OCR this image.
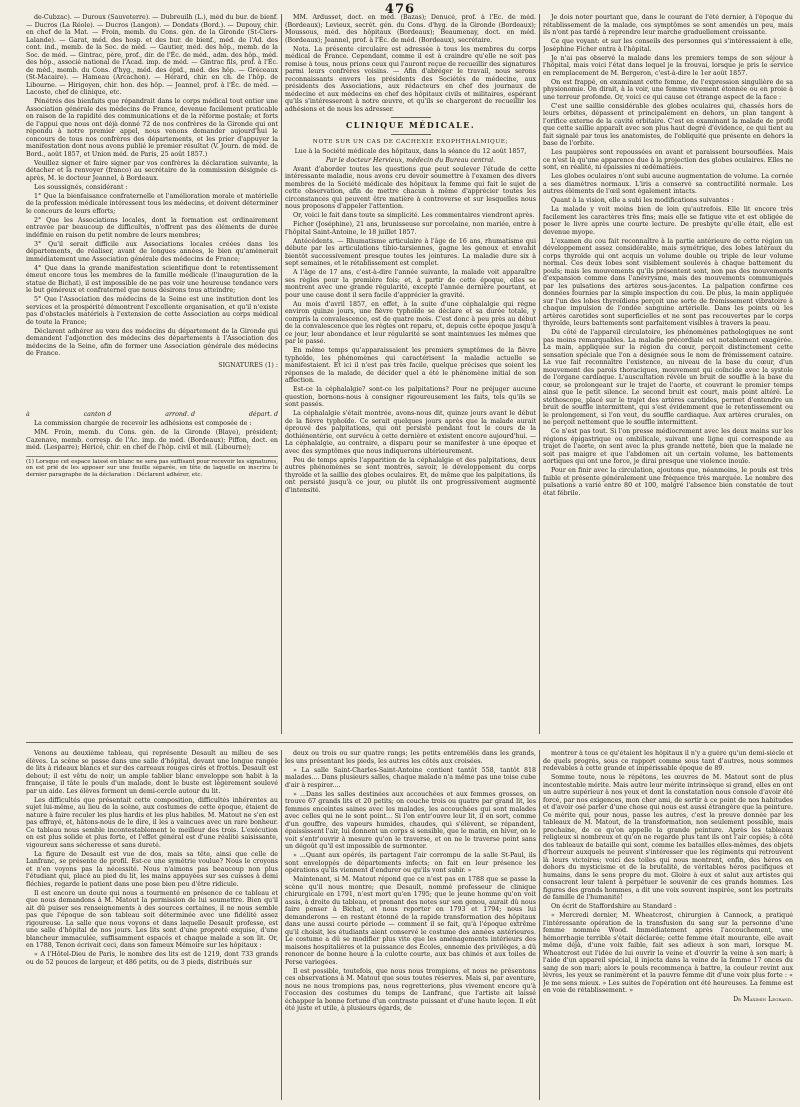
476

de-Cubzac). — Duroux (Sauveterre). — Dubreuilh (L.), méd du bur. de bienf. — Ducros (La Réole). — Ducros (Langon). — Dondats (Bord.). — Dupouy, chir. en chef de la Mat. — Froin, memb. du Cons. gén. de la Gironde (St-Ciers-Lalande). — Garat, méd. des hosp. et des bur. de bienf., méd. de l'Ad. des cont. ind., memb. de la Soc. de méd. — Gautier, méd. des hôp., memb. de la Soc. de méd. — Gintrac, père, prof., dir. de l'Éc. de méd., adm. des hôp., méd. des hôp., associé national de l'Acad. imp. de méd. — Gintrac fils, prof. à l'Éc. de méd., memb. du Cons. d'hyg., méd. des épid., méd. des hôp. — Gréceaux (St-Macaire). — Hameau (Arcachon). — Hérard, chir. en ch. de l'hôp. de Libourne. — Hirigoyen, chir. hon. des hôp. — Jeannel, prof. à l'Éc. de méd. — Lacoste, chef de clinique, etc.

Pénétrés des bienfaits que répandrait dans le corps médical tout entier une Association générale des médecins de France, devenue facilement praticable en raison de la rapidité des communications et de la réforme postale; et forts de l'appui que nous ont déjà donné 72 de nos confrères de la Gironde qui ont répondu à notre premier appel, nous venons demander aujourd'hui le concours de tous nos confrères des départements, et les prier d'appuyer la manifestation dont nous avons publié le premier résultat (V. Journ. de méd. de Bord., août 1857, et Union méd. de Paris, 25 août 1857.)

Veuillez signer et faire signer par vos confrères la déclaration suivante, la détacher et la renvoyer (franco) au secrétaire de la commission désignée ci-après, M. le docteur Jeannel, à Bordeaux.

Les soussignés, considérant :

1° Que la bienfaisance confraternelle et l'amélioration morale et matérielle de la profession médicale intéressent tous les médecins, et doivent déterminer le concours de leurs efforts;

2° Que les Associations locales, dont la formation est ordinairement entravée par beaucoup de difficultés, n'offrent pas des éléments de durée indéfinie en raison du petit nombre de leurs membres;

3° Qu'il serait difficile aux Associations locales créées dans les départements, de réaliser, avant de longues années, le bien qu'amènerait immédiatement une Association générale des médecins de France;

4° Que dans la grande manifestation scientifique dont le retentissement émeut encore tous les membres de la famille médicale (l'inauguration de la statue de Bichat), il est impossible de ne pas voir une heureuse tendance vers le but généreux et confraternel que nous désirons tous atteindre;

5° Que l'Association des médecins de la Seine est une institution dont les services et la prospérité démontrent l'excellente organisation, et qu'il n'existe pas d'obstacles matériels à l'extension de cette Association au corps médical de toute la France;

Déclarent adhérer au vœu des médecins du département de la Gironde qui demandent l'adjonction des médecins des départements à l'Association des médecins de la Seine, afin de former une Association générale des médecins de France.

SIGNATURES (1) :

à	canton d	arrond. d	départ. d

La commission chargée de recevoir les adhésions est composée de :

MM. Froin, memb. du Cons. gén. de la Gironde (Blaye), président; Cazenave, memb. corresp. de l'Ac. imp. de méd. (Bordeaux); Piffon, doct. en méd. (Lesparre); Héricé, chir. en chef de l'hôp. civil et mil. (Libourne);

(1) Lorsque cet espace laissé en blanc ne sera pas suffisant pour recevoir les signatures, on est prié de les apposer sur une feuille séparée, en tête de laquelle on inscrira le dernier paragraphe de la déclaration : Déclarent adhérer, etc.

MM. Ardusset, doct. en méd. (Bazas); Denucé, prof. à l'Éc. de méd. (Bordeaux); Levieux, secrét. gén. du Cons. d'hyg. de la Gironde (Bordeaux); Moussous, méd. des hôpitaux (Bordeaux); Beaumenay, doct. en méd. (Bordeaux); Jeannel, prof. à l'Éc. de méd. (Bordeaux), secrétaire.

Nota. La présente circulaire est adressée à tous les membres du corps médical de France. Cependant, comme il est à craindre qu'elle ne soit pas remise à tous, nous prions ceux qui l'auront reçue de recueillir des signatures parmi leurs confrères voisins. — Afin d'abréger le travail, nous serons reconnaissants envers les présidents des Sociétés de médecine, aux présidents des Associations, aux rédacteurs en chef des journaux de médecine et aux médecins en chef des hôpitaux civils et militaires, espérant qu'ils s'intéresseront à notre œuvre, et qu'ils se chargeront de recueillir les adhésions et de nous les adresser.

CLINIQUE MÉDICALE.

NOTE SUR UN CAS DE CACHEXIE EXOPHTHALMIQUE;

Lue à la Société médicale des hôpitaux, dans la séance du 12 août 1857,

Par le docteur Hervieux, médecin du Bureau central.

Avant d'aborder toutes les questions que peut soulever l'étude de cette intéressante maladie, nous avons cru devoir soumettre à l'examen des divers membres de la Société médicale des hôpitaux la femme qui fait le sujet de cette observation, afin de mettre chacun à même d'apprécier toutes les circonstances qui peuvent être matière à controverse et sur lesquelles nous nous proposons d'appeler l'attention.

Or, voici le fait dans toute sa simplicité. Les commentaires viendront après.

Ficher (Joséphine), 21 ans, brunisseuse sur porcelaine, non mariée, entre à l'hôpital Saint-Antoine, le 18 juillet 1857.

Antécédents. — Rhumatisme articulaire à l'âge de 16 ans, rhumatisme qui débute par les articulations tibio-tarsiennes, gagne les genoux et envahit bientôt successivement presque toutes les jointures. La maladie dure six à sept semaines, et le rétablissement est complet.

A l'âge de 17 ans, c'est-à-dire l'année suivante, la malade voit apparaître ses règles pour la première fois; et, à partir de cette époque, elles se montrent avec une grande régularité, excepté l'année dernière pourtant, et pour une cause dont il sera facile d'apprécier la gravité.

Au mois d'avril 1857, en effet, à la suite d'une céphalalgie qui règne environ quinze jours, une fièvre typhoïde se déclare et sa durée totale, y compris la convalescence, est de quatre mois. C'est donc à peu près au début de la convalescence que les règles ont reparu, et, depuis cette époque jusqu'à ce jour, leur abondance et leur régularité se sont maintenues les mêmes que par le passé.

En même temps qu'apparaissaient les premiers symptômes de la fièvre typhoïde, les phénomènes qui caractérisent la maladie actuelle se manifestaient. Et ici il n'est pas très facile, quelque précises que soient les réponses de la malade, de décider quel a été le phénomène initial de son affection.

Est-ce la céphalalgie? sont-ce les palpitations? Pour ne préjuger aucune question, bornons-nous à consigner rigoureusement les faits, tels qu'ils se sont passés.

La céphalalgie s'était montrée, avons-nous dit, quinze jours avant le début de la fièvre typhoïde. Ce serait quelques jours après que la malade aurait éprouvé des palpitations, qui ont persisté pendant tout le cours de la dothiénentérie, ont survécu à cette dernière et existent encore aujourd'hui. — La céphalalgie, au contraire, a disparu pour se manifester à une époque et avec des symptômes que nous indiquerons ultérieurement.

Peu de temps après l'apparition de la céphalalgie et des palpitations, deux autres phénomènes se sont montrés, savoir, le développement du corps thyroïde et la saillie des globes oculaires. Et, de même que les palpitations, ils ont persisté jusqu'à ce jour, ou plutôt ils ont progressivement augmenté d'intensité.

Je dois noter pourtant que, dans le courant de l'été dernier, à l'époque du rétablissement de la malade, ces symptômes se sont amendés un peu, mais ils n'ont pas tardé à reprendre leur marche graduellement croissante.

Ce que voyant: et sur les conseils des personnes qui s'intéressaient à elle, Joséphine Ficher entra à l'hôpital.

Je n'ai pas observé la malade dans les premiers temps de son séjour à l'hôpital, mais voici l'état dans lequel je la trouvai, lorsque je pris le service en remplacement de M. Bergeron, c'est-à-dire le 1er août 1857.

On est frappé, en examinant cette femme, de l'expression singulière de sa physionomie. On dirait, à la voir, une femme vivement étonnée ou en proie à une terreur profonde. Or, voici ce qui cause cet étrange aspect de la face :

C'est une saillie considérable des globes oculaires qui, chassés hors de leurs orbites, dépassent et principalement en dehors, un plan tangent à l'orifice externe de la cavité orbitaire. C'est en examinant la malade de profil que cette saillie apparaît avec son plus haut degré d'évidence, ce qui tient au fait signalé par tous les anatomistes, de l'obliquité que présente en dehors la base de l'orbite.

Les paupières sont repoussées en avant et paraissent boursouflées. Mais ce n'est là qu'une apparence due à la projection des globes oculaires. Elles ne sont, en réalité, ni épaissies ni œdématiées.

Les globes oculaires n'ont subi aucune augmentation de volume. La cornée a ses diamètres normaux. L'iris a conservé sa contractilité normale. Les autres éléments de l'œil sont également intacts.

Quant à la vision, elle a subi les modifications suivantes :

La malade y voit moins bien de loin qu'autrefois. Elle lit encore très facilement les caractères très fins; mais elle se fatigue vite et est obligée de poser le livre après une courte lecture. De presbyte qu'elle était, elle est devenue myope.

L'examen du cou fait reconnaître à la partie antérieure de cette région un développement assez considérable, mais symétrique, des lobes latéraux du corps thyroïde qui ont acquis un volume double ou triple de leur volume normal. Ces deux lobes sont visiblement soulevés à chaque battement du pouls; mais les mouvements qu'ils présentent sont, non pas des mouvements d'expansion comme dans l'anévrysme, mais des mouvements communiqués par les pulsations des artères sous-jacentes. La palpation confirme ces données fournies par la simple inspection du cou. De plus, la main appliquée sur l'un des lobes thyroïdiens perçoit une sorte de frémissement vibratoire à chaque impulsion de l'ondée sanguine artérielle. Dans les points où les artères carotides sont superficielles et ne sont pas recouvertes par le corps thyroïde, leurs battements sont parfaitement visibles à travers la peau.

Du côté de l'appareil circulatoire, les phénomènes pathologiques ne sont pas moins remarquables. La maladie précordiale est notablement exagérée. La main, appliquée sur la région du cœur, perçoit distinctement cette sensation spéciale que l'on a désignée sous le nom de frémissement cataire. La vue fait reconnaître l'existence, au niveau de la base du cœur, d'un mouvement des parois thoraciques, mouvement qui coïncide avec la systole de l'organe cardiaque. L'auscultation révèle un bruit de souffle à la base du cœur, se prolongeant sur le trajet de l'aorte, et couvrant le premier temps ainsi que le petit silence. Le second bruit est court, mais point altéré. Le stéthoscope, placé sur le trajet des artères carotides, permet d'entendre un bruit de souffle intermittent, qui s'est évidemment que le retentissement ou le prolongement, si l'on veut, du souffle cardiaque. Aux artères crurales, on ne perçoit nettement que le souffle intermittent.

Ce n'est pas tout. Si l'on presse médiocrement avec les deux mains sur les régions épigastrique ou ombilicale, suivant une ligne qui corresponde au trajet de l'aorte, on sent avec la plus grande netteté, bien que la malade ne soit pas maigre et que l'abdomen ait un certain volume, les battements aortiques qui ont une force, je dirai presque une violence inouïe.

Pour en finir avec la circulation, ajoutons que, néanmoins, le pouls est très faible et présente généralement une fréquence très marquée. Le nombre des pulsations a varié entre 80 et 100, malgré l'absence bien constatée de tout état fébrile.

Venons au deuxième tableau, qui représente Desault au milieu de ses élèves. La scène se passe dans une salle d'hôpital, devant une longue rangée de lits à rideaux blancs et sur des carreaux rouges cirés et frottés. Desault est debout; il est vêtu de noir, un ample tablier blanc enveloppe son habit à la française, il tâte le pouls d'un malade, dont le buste est légèrement soulevé par un aide. Les élèves forment un demi-cercle autour du lit.

Les difficultés que présentait cette composition, difficultés inhérentes au sujet lui-même, au lieu de la scène, aux costumes de cette époque, étaient de nature à faire reculer les plus hardis et les plus habiles. M. Matout ne s'en est pas effrayé, et, hâtons-nous de le dire, il les a vaincues avec un rare bonheur. Ce tableau nous semble incontestablement le meilleur des trois. L'exécution en est plus solide et plus forte, et l'effet général est d'une réalité saisissante, vigoureux sans sécheresse et sans dureté.

La figure de Desault est vue de dos, mais sa tête, ainsi que celle de Lanfranc, se présente de profil. Est-ce une symétrie voulue? Nous le croyons et n'en voyons pas la nécessité. Nous n'aimons pas beaucoup non plus l'étudiant qui, placé au pied du lit, les mains appuyées sur ses cuisses à demi fléchies, regarde le patient dans une pose bien peu d'être ridicule.

Il est encore un doute qui nous a tourmenté en présence de ce tableau et que nous demandons à M. Matout la permission de lui soumettre. Bien qu'il ait dû puiser ses renseignements à des sources certaines, il ne nous semble pas que l'époque de son tableau soit déterminée avec une fidélité assez rigoureuse. La salle que nous voyons et dans laquelle Desault professe, est une salle d'hôpital de nos jours. Les lits sont d'une propreté exquise, d'une blancheur immaculée, suffisamment espacés et chaque malade a son lit. Or, en 1788, Tenon écrivait ceci, dans son fameux Mémoire sur les hôpitaux :

« A l'Hôtel-Dieu de Paris, le nombre des lits est de 1219, dont 733 grands ou de 52 pouces de largeur, et 486 petits, ou de 3 pieds, distribués sur

deux ou trois ou sur quatre rangs; les petits entremêlés dans les grands, les uns présentant les pieds, les autres les côtés aux croisées.

» La salle Saint-Charles-Saint-Antoine contient tantôt 558, tantôt 818 malades.... Dans plusieurs salles, chaque malade n'a même pas une toise cube d'air à respirer....

» ...Dans les salles destinées aux accouchées et aux femmes grosses, on trouve 67 grands lits et 20 petits; on couche trois ou quatre par grand lit, les femmes enceintes saines avec les malades, les accouchées qui sont malades avec celles qui ne le sont point... Si l'on entr'ouvre leur lit, il en sort, comme d'un gouffre, des vapeurs humides, chaudes, qui s'élèvent, se répandent, épaississent l'air, lui donnent un corps si sensible, que le matin, en hiver, on le voit s'entr'ouvrir à mesure qu'on le traverse, et on ne le traverse point sans un dégoût qu'il est impossible de surmonter.

» ...Quant aux opérés, ils partagent l'air corrompu de la salle St-Paul, ils sont enveloppés de départements infects; on fait en leur présence les opérations qu'ils viennent d'endurer ou qu'ils vont subir. »

Maintenant, si M. Matout répond que ce n'est pas en 1788 que se passe la scène qu'il nous montre; que Desault, nommé professeur de clinique chirurgicale en 1791, n'est mort qu'en 1795; que le jeune homme qu'on voit assis, à droite du tableau, et prenant des notes sur son genou, aurait dû nous faire penser à Bichat, et nous reporter en 1793 et 1794; nous lui demanderons — en restant étonné de la rapide transformation des hôpitaux dans une aussi courte période — comment il se fait, qu'à l'époque extrême qu'il choisit, les étudiants aient conservé le costume des années antérieures. Le costume a dû se modifier plus vite que les aménagements intérieurs des maisons hospitalières et la puissance des Écoles, ennemie des privilèges, a dû renoncer de bonne heure à la culotte courte, aux bas chinés et aux toiles de Perse variegées.

Il est possible, toutefois, que nous nous trompions, et nous ne présentons ces observations à M. Matout que sous toutes réserves. Mais si, par aventure, nous ne nous trompions pas, nous regretterions, plus vivement encore qu'à l'occasion des costumes du temps de Lanfranc, que l'artiste ait laissé échapper la bonne fortune d'un contraste puissant et d'une haute leçon. Il eût été juste et utile, à plusieurs égards, de

montrer à tous ce qu'étaient les hôpitaux il n'y a guère qu'un demi-siècle et de quels progrès, sous ce rapport comme sous tant d'autres, nous sommes redevables à cette grande et impérissable époque de 89.

Somme toute, nous le répétons, les œuvres de M. Matout sont de plus incontestable mérite. Mais autre leur mérite intrinsèque si grand, elles en ont un autre supérieur à nos yeux et dont la constatation nous console d'avoir été forcé, par nos exigences, mon cher ami, de sortir à ce point de nos habitudes et d'avoir osé parler d'une chose qui nous est aussi étrangère que la peinture. Ce mérite qui, pour nous, passe les autres, c'est la preuve donnée par les tableaux de M. Matout, de la transformation, non seulement possible, mais prochaine, de ce qu'on appelle la grande peinture. Après les tableaux religieux si nombreux et qu'on ne regarde plus tant ils ont l'air copiés; à côté des tableaux de bataille qui sont, comme les batailles elles-mêmes, des objets d'horreur auxquels ne peuvent s'intéresser que les régiments qui retrouvent là leurs victoires; voici des toiles qui nous montrent, enfin, des héros en dehors du mysticisme et de la brutalité, de véritables héros pacifiques et humains, dans le sens propre du mot. Gloire à eux et salut aux artistes qui consacrent leur talent à perpétuer le souvenir de ces grands hommes. Les figures des grands hommes, a dit une voix souvent inspirée, sont les portraits de famille de l'humanité!

On écrit de Staffordshire au Standard :

« Mercredi dernier, M. Wheatcrost, chirurgien à Cannock, a pratiqué l'intéressante opération de la transfusion du sang sur la personne d'une femme nommée Wood. Immédiatement après l'accouchement, une hémorrhagie terrible s'était déclarée; cette femme était mourante, elle avait même déjà, d'une voix faible, fait ses adieux à son mari, lorsque M. Wheatcrost eut l'idée de lui ouvrir la veine et d'ouvrir la veine à son mari; à l'aide d'un appareil spécial, il injecta dans la veine de la femme 17 onces du sang de son mari; alors le pouls recommença à battre, la couleur revint aux lèvres, les yeux se ranimèrent et la pauvre femme dit d'une voix plus forte : « Je me sens mieux. » Les suites de l'opération ont été heureuses. La femme est en voie de rétablissement. »

Dr Maximin Legrand.
